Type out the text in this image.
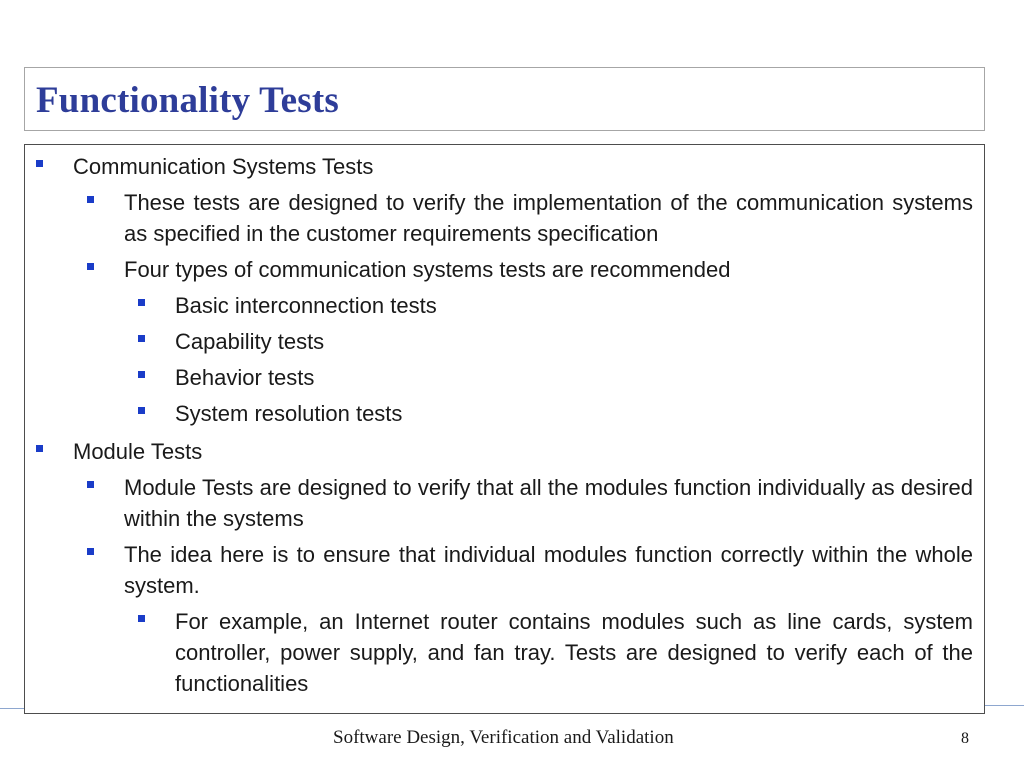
Functionality Tests
Communication Systems Tests
These tests are designed to verify the implementation of the communication systems as specified in the customer requirements specification
Four types of communication systems tests are recommended
Basic interconnection tests
Capability tests
Behavior tests
System resolution tests
Module Tests
Module Tests are designed to verify that all the modules function individually as desired within the systems
The idea here is to ensure that individual modules function correctly within the whole system.
For example, an Internet router contains modules such as line cards, system controller, power supply, and fan tray. Tests are designed to verify each of the functionalities
Software Design, Verification and Validation	8
